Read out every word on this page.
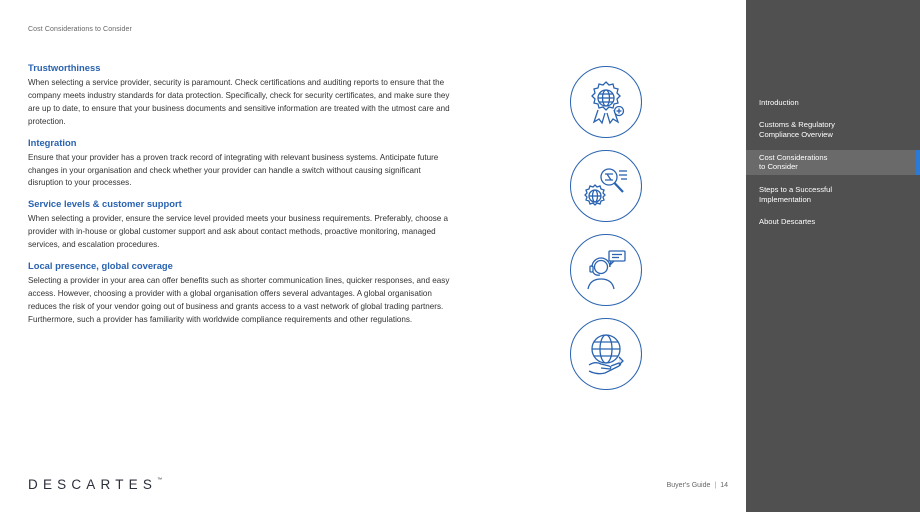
Cost Considerations to Consider
Trustworthiness

When selecting a service provider, security is paramount. Check certifications and auditing reports to ensure that the company meets industry standards for data protection. Specifically, check for security certificates, and make sure they are up to date, to ensure that your business documents and sensitive information are treated with the utmost care and protection.

Integration

Ensure that your provider has a proven track record of integrating with relevant business systems. Anticipate future changes in your organisation and check whether your provider can handle a switch without causing significant disruption to your processes.

Service levels & customer support

When selecting a provider, ensure the service level provided meets your business requirements. Preferably, choose a provider with in-house or global customer support and ask about contact methods, proactive monitoring, managed services, and escalation procedures.

Local presence, global coverage

Selecting a provider in your area can offer benefits such as shorter communication lines, quicker responses, and easy access. However, choosing a provider with a global organisation offers several advantages. A global organisation reduces the risk of your vendor going out of business and grants access to a vast network of global trading partners. Furthermore, such a provider has familiarity with worldwide compliance requirements and other regulations.

DESCARTES™
Buyer's Guide | 14
Introduction
Customs & Regulatory
Compliance Overview
Cost Considerations
to Consider
Steps to a Successful
Implementation
About Descartes
